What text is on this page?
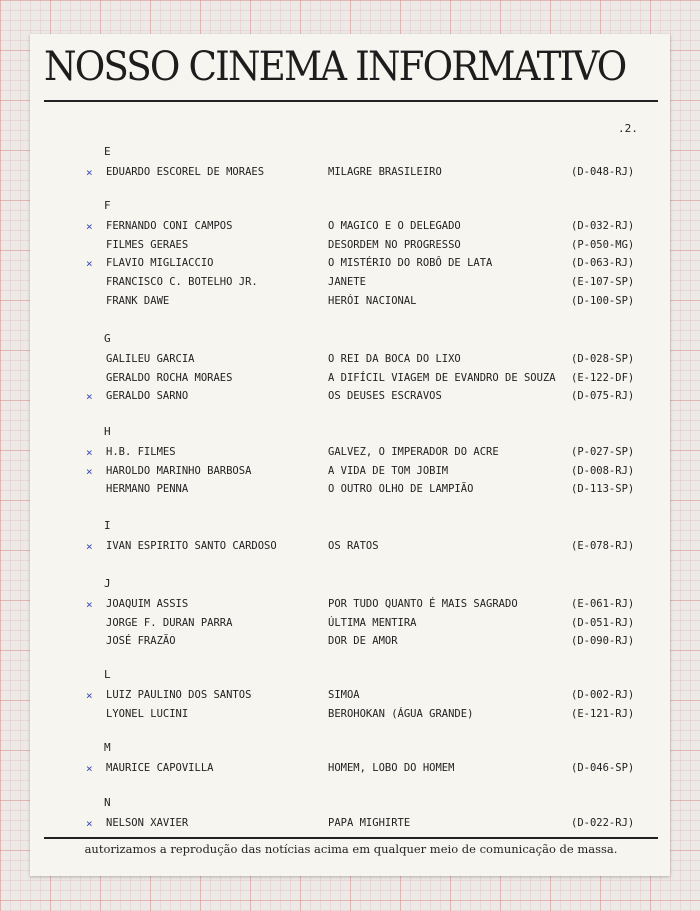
NOSSO CINEMA INFORMATIVO
.2.
E
× EDUARDO ESCOREL DE MORAES	MILAGRE BRASILEIRO	(D-048-RJ)
F
× FERNANDO CONI CAMPOS	O MAGICO E O DELEGADO	(D-032-RJ)
FILMES GERAES	DESORDEM NO PROGRESSO	(P-050-MG)
× FLAVIO MIGLIACCIO	O MISTÉRIO DO ROBÔ DE LATA	(D-063-RJ)
FRANCISCO C. BOTELHO JR.	JANETE	(E-107-SP)
FRANK DAWE	HERÓI NACIONAL	(D-100-SP)
G
GALILEU GARCIA	O REI DA BOCA DO LIXO	(D-028-SP)
GERALDO ROCHA MORAES	A DIFÍCIL VIAGEM DE EVANDRO DE SOUZA (E-122-DF)
× GERALDO SARNO	OS DEUSES ESCRAVOS	(D-075-RJ)
H
× H.B. FILMES	GALVEZ, O IMPERADOR DO ACRE	(P-027-SP)
× HAROLDO MARINHO BARBOSA	A VIDA DE TOM JOBIM	(D-008-RJ)
HERMANO PENNA	O OUTRO OLHO DE LAMPIÃO	(D-113-SP)
I
× IVAN ESPIRITO SANTO CARDOSO	OS RATOS	(E-078-RJ)
J
× JOAQUIM ASSIS	POR TUDO QUANTO É MAIS SAGRADO	(E-061-RJ)
JORGE F. DURAN PARRA	ÚLTIMA MENTIRA	(D-051-RJ)
JOSÉ FRAZÃO	DOR DE AMOR	(D-090-RJ)
L
× LUIZ PAULINO DOS SANTOS	SIMOA	(D-002-RJ)
LYONEL LUCINI	BEROHOKAN (ÁGUA GRANDE)	(E-121-RJ)
M
× MAURICE CAPOVILLA	HOMEM, LOBO DO HOMEM	(D-046-SP)
N
× NELSON XAVIER	PAPA MIGHIRTE	(D-022-RJ)
autorizamos a reprodução das notícias acima em qualquer meio de comunicação de massa.
